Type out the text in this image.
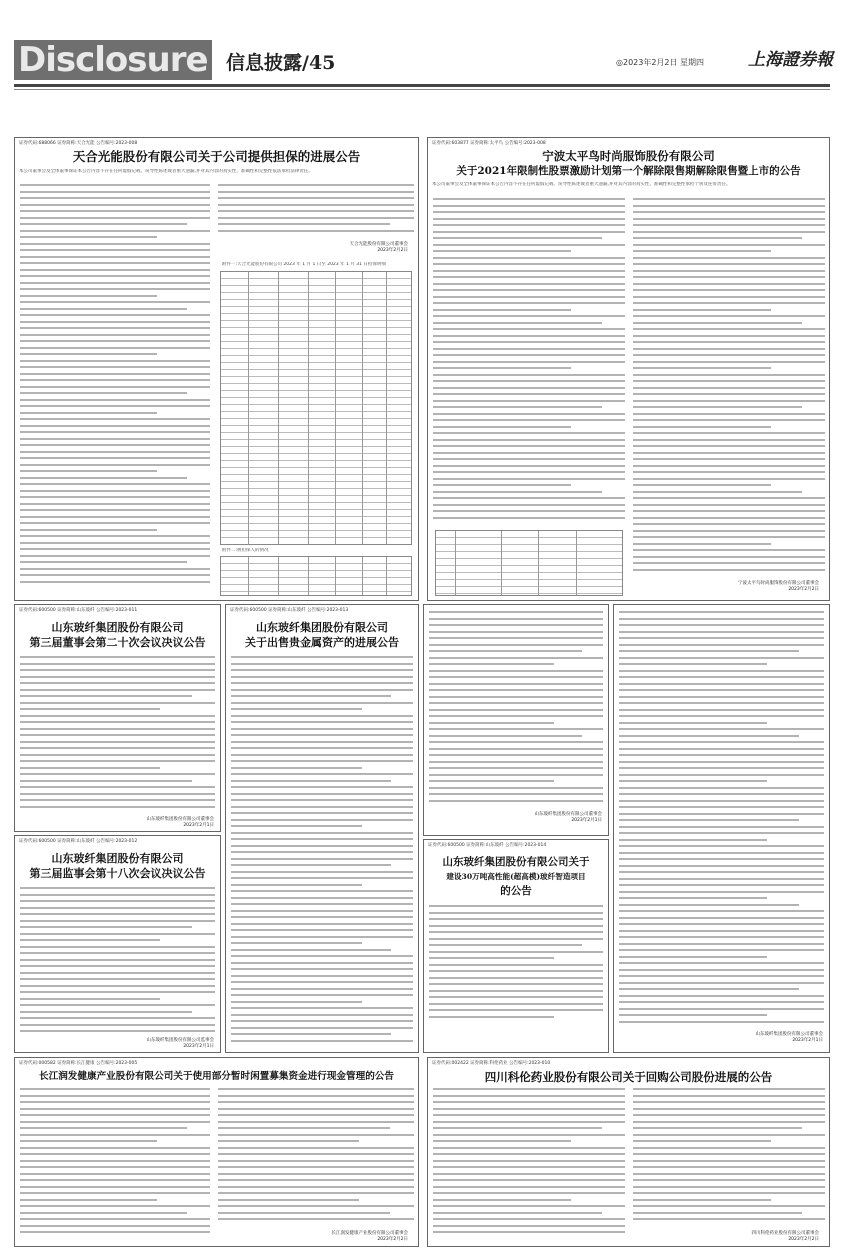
Disclosure 信息披露/45	◎2023年2月2日 星期四	上海證券報
证券代码:688066 证券简称:天合光能 公告编号:2023-008
天合光能股份有限公司关于公司提供担保的进展公告
本公司董事会及全体董事保证本公告内容不存在任何虚假记载、误导性陈述或者重大遗漏,并对其内容的真实性、准确性和完整性依法承担法律责任。
天合光能股份有限公司董事会
2023年2月2日
附件一:天合光能股份有限公司 2023 年 1 月 1 日至 2023 年 1 月 31 日担保明细
附件二:被担保人的情况
证券代码:603877 证券简称:太平鸟 公告编号:2023-008
宁波太平鸟时尚服饰股份有限公司
关于2021年限制性股票激励计划第一个解除限售期解除限售暨上市的公告
本公司董事会及全体董事保证本公告内容不存在任何虚假记载、误导性陈述或者重大遗漏,并对其内容的真实性、准确性和完整性承担个别及连带责任。
宁波太平鸟时尚服饰股份有限公司董事会
2023年2月2日
证券代码:600500 证券简称:山东玻纤 公告编号:2023-011
山东玻纤集团股份有限公司
第三届董事会第二十次会议决议公告
山东玻纤集团股份有限公司董事会
2023年2月1日
证券代码:600500 证券简称:山东玻纤 公告编号:2023-012
山东玻纤集团股份有限公司
第三届监事会第十八次会议决议公告
山东玻纤集团股份有限公司监事会
2023年2月1日
证券代码:600500 证券简称:山东玻纤 公告编号:2023-013
山东玻纤集团股份有限公司
关于出售贵金属资产的进展公告
山东玻纤集团股份有限公司董事会
2023年2月1日
证券代码:600500 证券简称:山东玻纤 公告编号:2023-014
山东玻纤集团股份有限公司关于
建设30万吨高性能(超高模)玻纤智造项目
的公告
山东玻纤集团股份有限公司董事会
2023年2月1日
证券代码:000582 证券简称:长江健康 公告编号:2023-005
长江润发健康产业股份有限公司关于使用部分暂时闲置募集资金进行现金管理的公告
长江润发健康产业股份有限公司董事会
2023年2月2日
证券代码:002422 证券简称:科伦药业 公告编号:2023-010
四川科伦药业股份有限公司关于回购公司股份进展的公告
四川科伦药业股份有限公司董事会
2023年2月2日
